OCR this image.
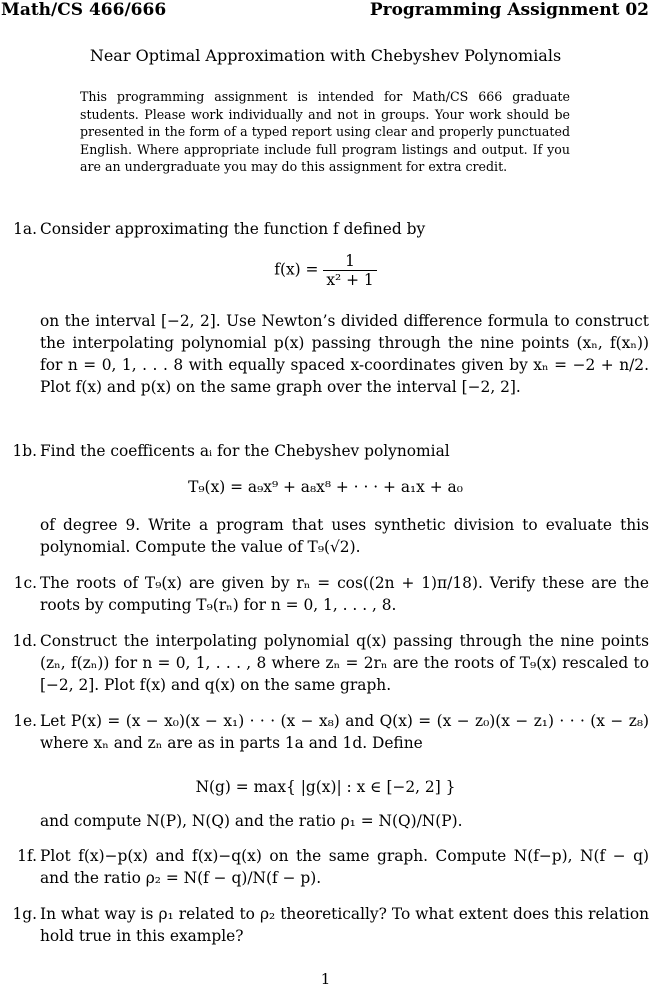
Math/CS 466/666	Programming Assignment 02
Near Optimal Approximation with Chebyshev Polynomials
This programming assignment is intended for Math/CS 666 graduate students. Please work individually and not in groups. Your work should be presented in the form of a typed report using clear and properly punctuated English. Where appropriate include full program listings and output. If you are an undergraduate you may do this assignment for extra credit.
1a. Consider approximating the function f defined by
$f(x) = \frac{1}{\text{x² + 1}}$
on the interval [−2, 2]. Use Newton’s divided difference formula to construct the interpolating polynomial p(x) passing through the nine points (xₙ, f(xₙ)) for n = 0, 1, . . . 8 with equally spaced x-coordinates given by xₙ = −2 + n/2. Plot f(x) and p(x) on the same graph over the interval [−2, 2].
1b. Find the coefficents aᵢ for the Chebyshev polynomial
T₉(x) = a₉x⁹ + a₈x⁸ + · · · + a₁x + a₀
of degree 9. Write a program that uses synthetic division to evaluate this polynomial. Compute the value of T₉(√2).
1c. The roots of T₉(x) are given by rₙ = cos((2n + 1)π/18). Verify these are the roots by computing T₉(rₙ) for n = 0, 1, . . . , 8.
1d. Construct the interpolating polynomial q(x) passing through the nine points (zₙ, f(zₙ)) for n = 0, 1, . . . , 8 where zₙ = 2rₙ are the roots of T₉(x) rescaled to [−2, 2]. Plot f(x) and q(x) on the same graph.
1e. Let P(x) = (x − x₀)(x − x₁) · · · (x − x₈) and Q(x) = (x − z₀)(x − z₁) · · · (x − z₈) where xₙ and zₙ are as in parts 1a and 1d. Define
N(g) = max{ |g(x)| : x ∈ [−2, 2] }
and compute N(P), N(Q) and the ratio ρ₁ = N(Q)/N(P).
1f. Plot f(x)−p(x) and f(x)−q(x) on the same graph. Compute N(f−p), N(f − q) and the ratio ρ₂ = N(f − q)/N(f − p).
1g. In what way is ρ₁ related to ρ₂ theoretically? To what extent does this relation hold true in this example?
1
